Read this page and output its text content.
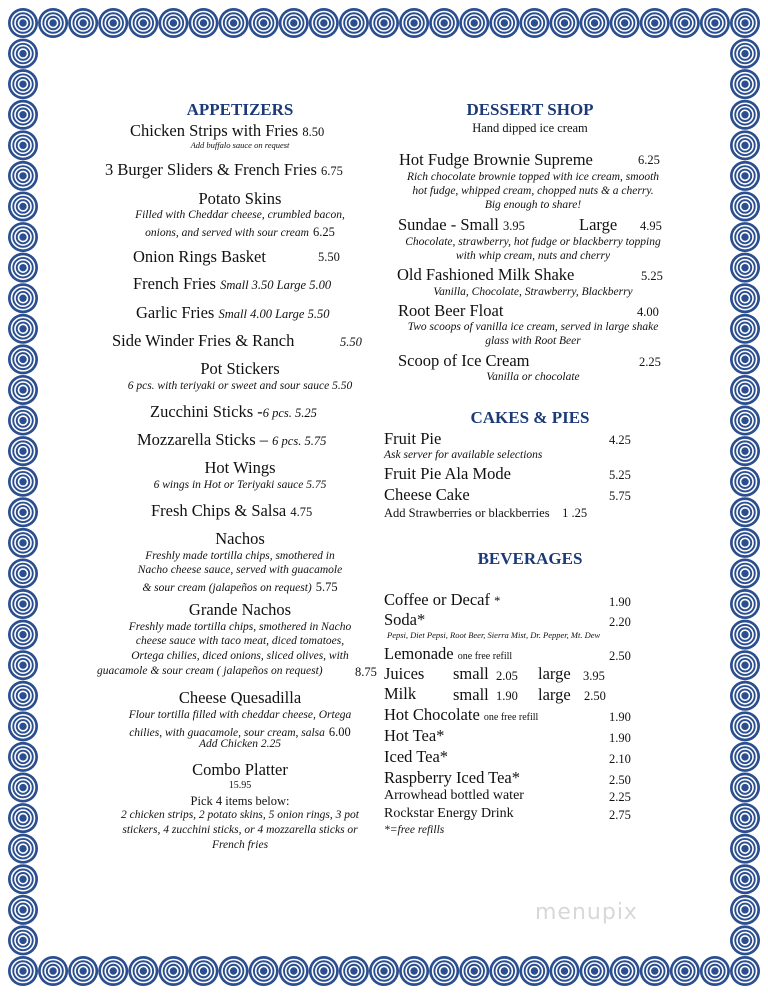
APPETIZERS
Chicken Strips with Fries 8.50
Add buffalo sauce on request
3 Burger Sliders & French Fries 6.75
Potato Skins
Filled with Cheddar cheese, crumbled bacon,
onions, and served with sour cream 6.25
Onion Rings Basket	5.50
French Fries Small 3.50 Large 5.00
Garlic Fries Small 4.00 Large 5.50
Side Winder Fries & Ranch	5.50
Pot Stickers
6 pcs. with teriyaki or sweet and sour sauce 5.50
Zucchini Sticks -6 pcs. 5.25
Mozzarella Sticks – 6 pcs. 5.75
Hot Wings
6 wings in Hot or Teriyaki sauce 5.75
Fresh Chips & Salsa 4.75
Nachos
Freshly made tortilla chips, smothered in
Nacho cheese sauce, served with guacamole
& sour cream (jalapeños on request) 5.75
Grande Nachos
Freshly made tortilla chips, smothered in Nacho
cheese sauce with taco meat, diced tomatoes,
Ortega chilies, diced onions, sliced olives, with
guacamole & sour cream ( jalapeños on request)	8.75
Cheese Quesadilla
Flour tortilla filled with cheddar cheese, Ortega
chilies, with guacamole, sour cream, salsa 6.00
Add Chicken 2.25
Combo Platter
15.95
Pick 4 items below:
2 chicken strips, 2 potato skins, 5 onion rings, 3 pot
stickers, 4 zucchini sticks, or 4 mozzarella sticks or
French fries
DESSERT SHOP
Hand dipped ice cream
Hot Fudge Brownie Supreme	6.25
Rich chocolate brownie topped with ice cream, smooth
hot fudge, whipped cream, chopped nuts & a cherry.
Big enough to share!
Sundae - Small 3.95	Large 4.95
Chocolate, strawberry, hot fudge or blackberry topping
with whip cream, nuts and cherry
Old Fashioned Milk Shake	5.25
Vanilla, Chocolate, Strawberry, Blackberry
Root Beer Float	4.00
Two scoops of vanilla ice cream, served in large shake
glass with Root Beer
Scoop of Ice Cream	2.25
Vanilla or chocolate
CAKES & PIES
Fruit Pie	4.25
Ask server for available selections
Fruit Pie Ala Mode	5.25
Cheese Cake	5.75
Add Strawberries or blackberries 1 .25
BEVERAGES
Coffee or Decaf *	1.90
Soda*	2.20
Pepsi, Diet Pepsi, Root Beer, Sierra Mist, Dr. Pepper, Mt. Dew
Lemonade one free refill	2.50
Juices small 2.05 large 3.95
Milk small 1.90 large 2.50
Hot Chocolate one free refill	1.90
Hot Tea*	1.90
Iced Tea*	2.10
Raspberry Iced Tea*	2.50
Arrowhead bottled water	2.25
Rockstar Energy Drink	2.75
*=free refills
menupix
